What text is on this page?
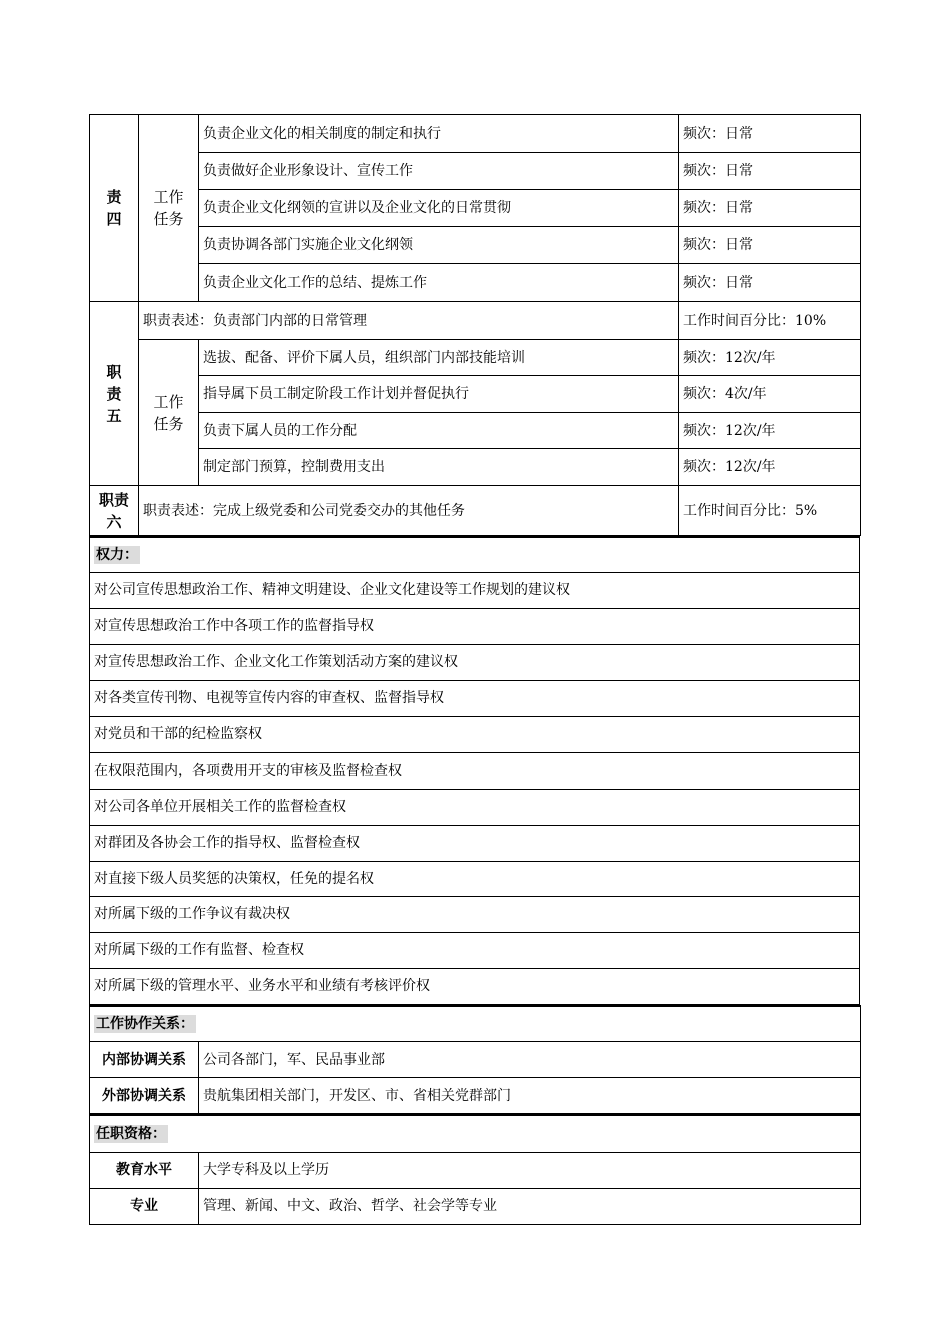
责四	工作任务	负责企业文化的相关制度的制定和执行	频次：日常
		负责做好企业形象设计、宣传工作	频次：日常
		负责企业文化纲领的宣讲以及企业文化的日常贯彻	频次：日常
		负责协调各部门实施企业文化纲领	频次：日常
		负责企业文化工作的总结、提炼工作	频次：日常
职责五	职责表述：负责部门内部的日常管理		工作时间百分比：10%
	工作任务	选拔、配备、评价下属人员，组织部门内部技能培训	频次：12次/年
		指导属下员工制定阶段工作计划并督促执行	频次：4次/年
		负责下属人员的工作分配	频次：12次/年
		制定部门预算，控制费用支出	频次：12次/年
职责六	职责表述：完成上级党委和公司党委交办的其他任务		工作时间百分比：5%
权力：
对公司宣传思想政治工作、精神文明建设、企业文化建设等工作规划的建议权
对宣传思想政治工作中各项工作的监督指导权
对宣传思想政治工作、企业文化工作策划活动方案的建议权
对各类宣传刊物、电视等宣传内容的审查权、监督指导权
对党员和干部的纪检监察权
在权限范围内，各项费用开支的审核及监督检查权
对公司各单位开展相关工作的监督检查权
对群团及各协会工作的指导权、监督检查权
对直接下级人员奖惩的决策权，任免的提名权
对所属下级的工作争议有裁决权
对所属下级的工作有监督、检查权
对所属下级的管理水平、业务水平和业绩有考核评价权
工作协作关系：	
内部协调关系	公司各部门，军、民品事业部
外部协调关系	贵航集团相关部门，开发区、市、省相关党群部门
任职资格：	
教育水平	大学专科及以上学历
专业	管理、新闻、中文、政治、哲学、社会学等专业
